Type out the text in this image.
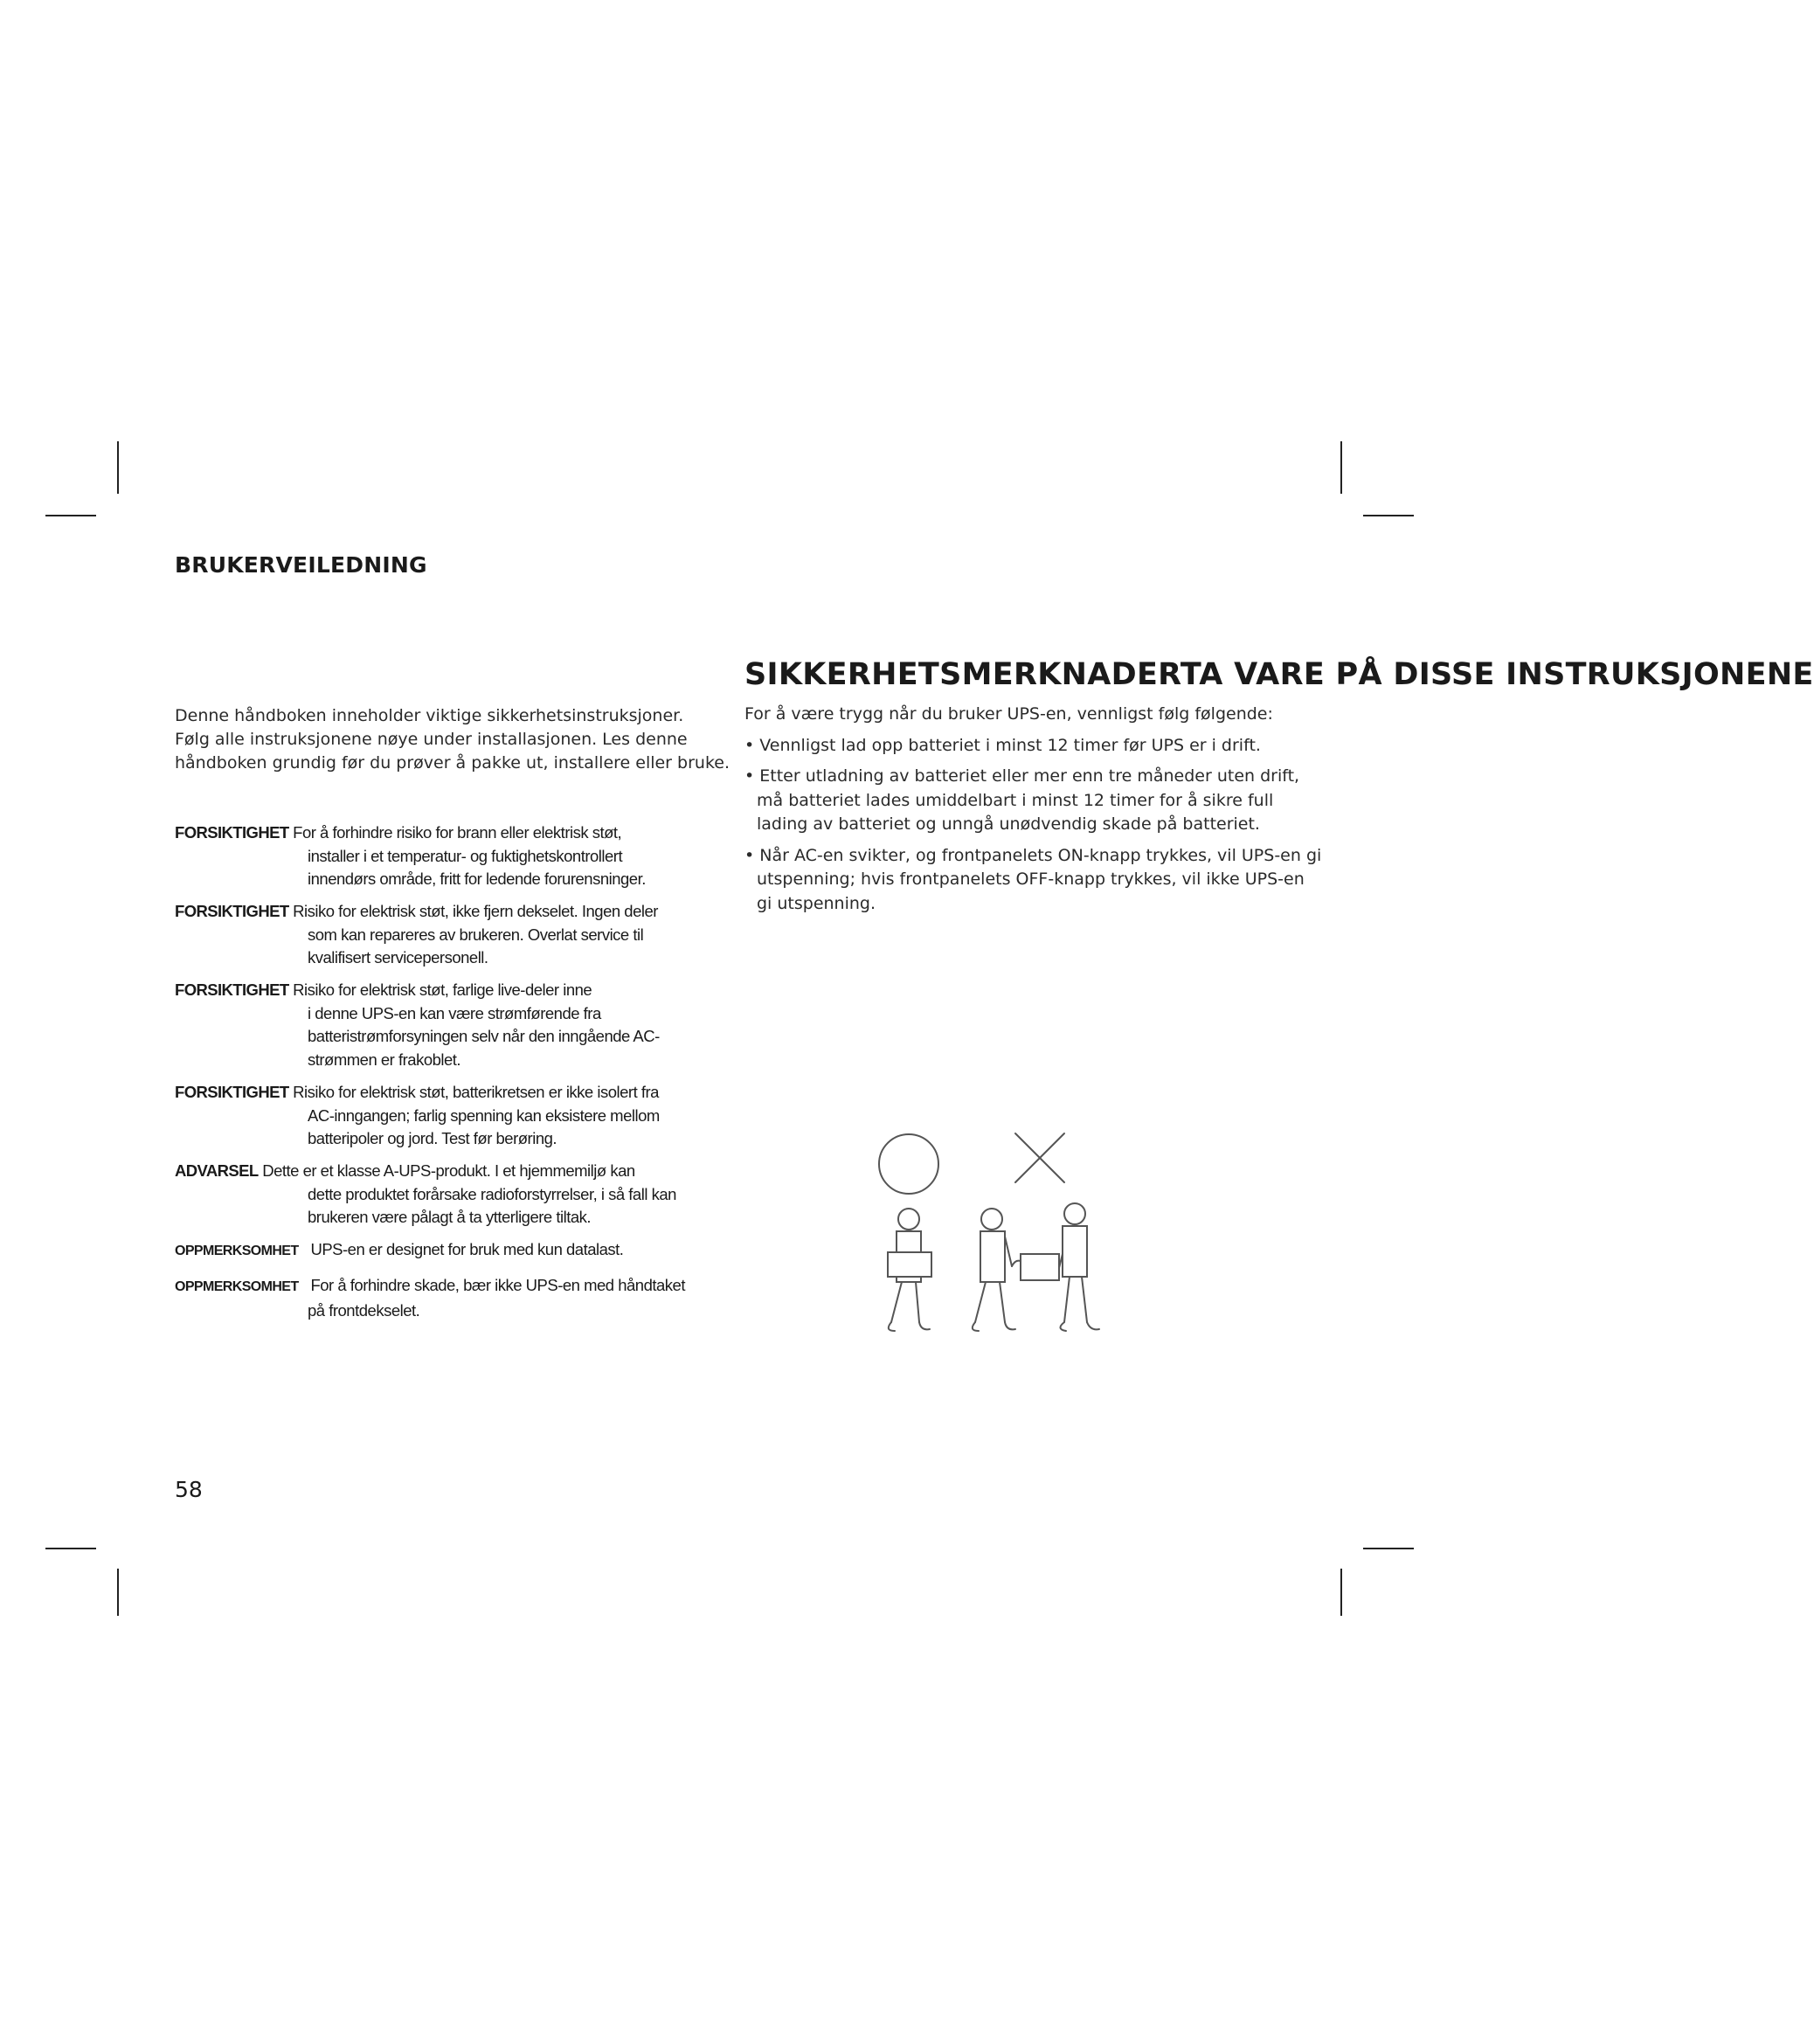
BRUKERVEILEDNING
Denne håndboken inneholder viktige sikkerhetsinstruksjoner.
Følg alle instruksjonene nøye under installasjonen. Les denne
håndboken grundig før du prøver å pakke ut, installere eller bruke.
FORSIKTIGHET For å forhindre risiko for brann eller elektrisk støt,
installer i et temperatur- og fuktighetskontrollert
innendørs område, fritt for ledende forurensninger.
FORSIKTIGHET Risiko for elektrisk støt, ikke fjern dekselet. Ingen deler
som kan repareres av brukeren. Overlat service til
kvalifisert servicepersonell.
FORSIKTIGHET Risiko for elektrisk støt, farlige live-deler inne
i denne UPS-en kan være strømførende fra
batteristrømforsyningen selv når den inngående AC-
strømmen er frakoblet.
FORSIKTIGHET Risiko for elektrisk støt, batterikretsen er ikke isolert fra
AC-inngangen; farlig spenning kan eksistere mellom
batteripoler og jord. Test før berøring.
ADVARSEL Dette er et klasse A-UPS-produkt. I et hjemmemiljø kan
dette produktet forårsake radioforstyrrelser, i så fall kan
brukeren være pålagt å ta ytterligere tiltak.
OPPMERKSOMHET UPS-en er designet for bruk med kun datalast.
OPPMERKSOMHET For å forhindre skade, bær ikke UPS-en med håndtaket
på frontdekselet.
SIKKERHETSMERKNADERTA VARE PÅ DISSE INSTRUKSJONENE
For å være trygg når du bruker UPS-en, vennligst følg følgende:
• Vennligst lad opp batteriet i minst 12 timer før UPS er i drift.
• Etter utladning av batteriet eller mer enn tre måneder uten drift,
må batteriet lades umiddelbart i minst 12 timer for å sikre full
lading av batteriet og unngå unødvendig skade på batteriet.
• Når AC-en svikter, og frontpanelets ON-knapp trykkes, vil UPS-en gi
utspenning; hvis frontpanelets OFF-knapp trykkes, vil ikke UPS-en
gi utspenning.
58
